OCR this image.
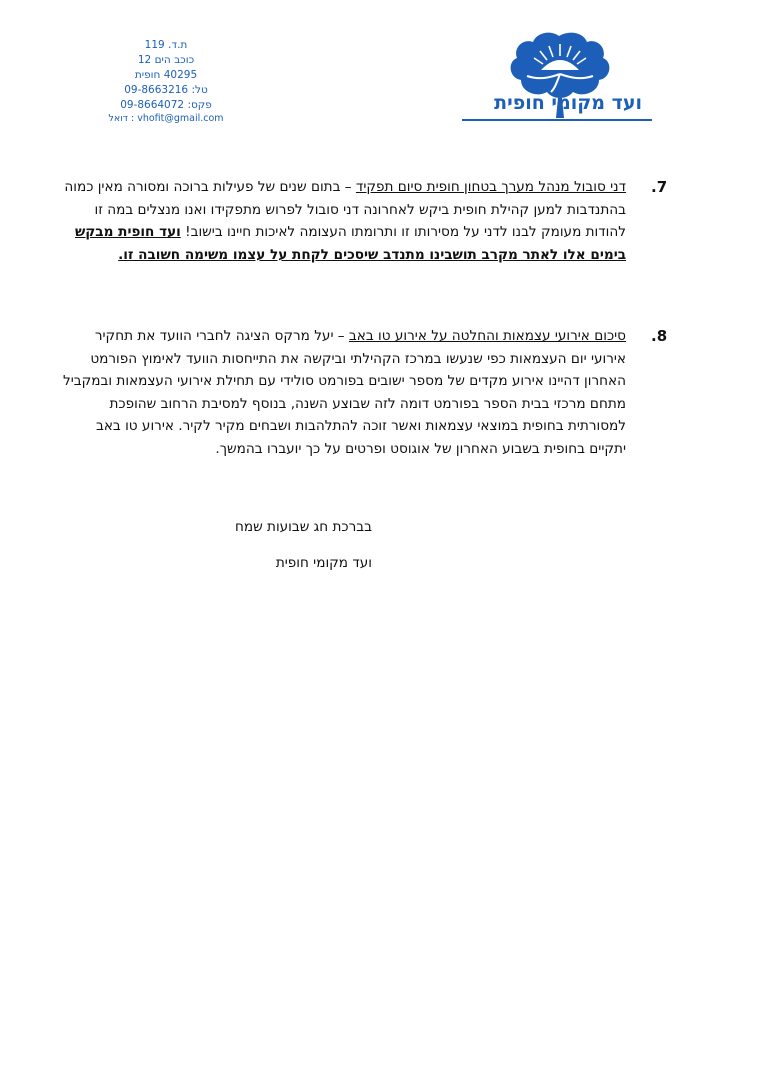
ת.ד. 119
כוכב הים 12
40295 חופית
טל: 09-8663216
פקס: 09-8664072
vhofit@gmail.com : דואל
ועד מקומי חופית
.7
דני סובול מנהל מערך בטחון חופית סיום תפקיד – בתום שנים של פעילות ברוכה ומסורה מאין כמוה בהתנדבות למען קהילת חופית ביקש לאחרונה דני סובול לפרוש מתפקידו ואנו מנצלים במה זו להודות מעומק לבנו לדני על מסירותו זו ותרומתו העצומה לאיכות חיינו בישוב! ועד חופית מבקש בימים אלו לאתר מקרב תושבינו מתנדב שיסכים לקחת על עצמו משימה חשובה זו.
.8
סיכום אירועי עצמאות והחלטה על אירוע טו באב – יעל מרקס הציגה לחברי הוועד את תחקיר אירועי יום העצמאות כפי שנעשו במרכז הקהילתי וביקשה את התייחסות הוועד לאימוץ הפורמט האחרון דהיינו אירוע מקדים של מספר ישובים בפורמט סולידי עם תחילת אירועי העצמאות ובמקביל מתחם מרכזי בבית הספר בפורמט דומה לזה שבוצע השנה, בנוסף למסיבת הרחוב שהופכת למסורתית בחופית במוצאי עצמאות ואשר זוכה להתלהבות ושבחים מקיר לקיר. אירוע טו באב יתקיים בחופית בשבוע האחרון של אוגוסט ופרטים על כך יועברו בהמשך.
בברכת חג שבועות שמח
ועד מקומי חופית
